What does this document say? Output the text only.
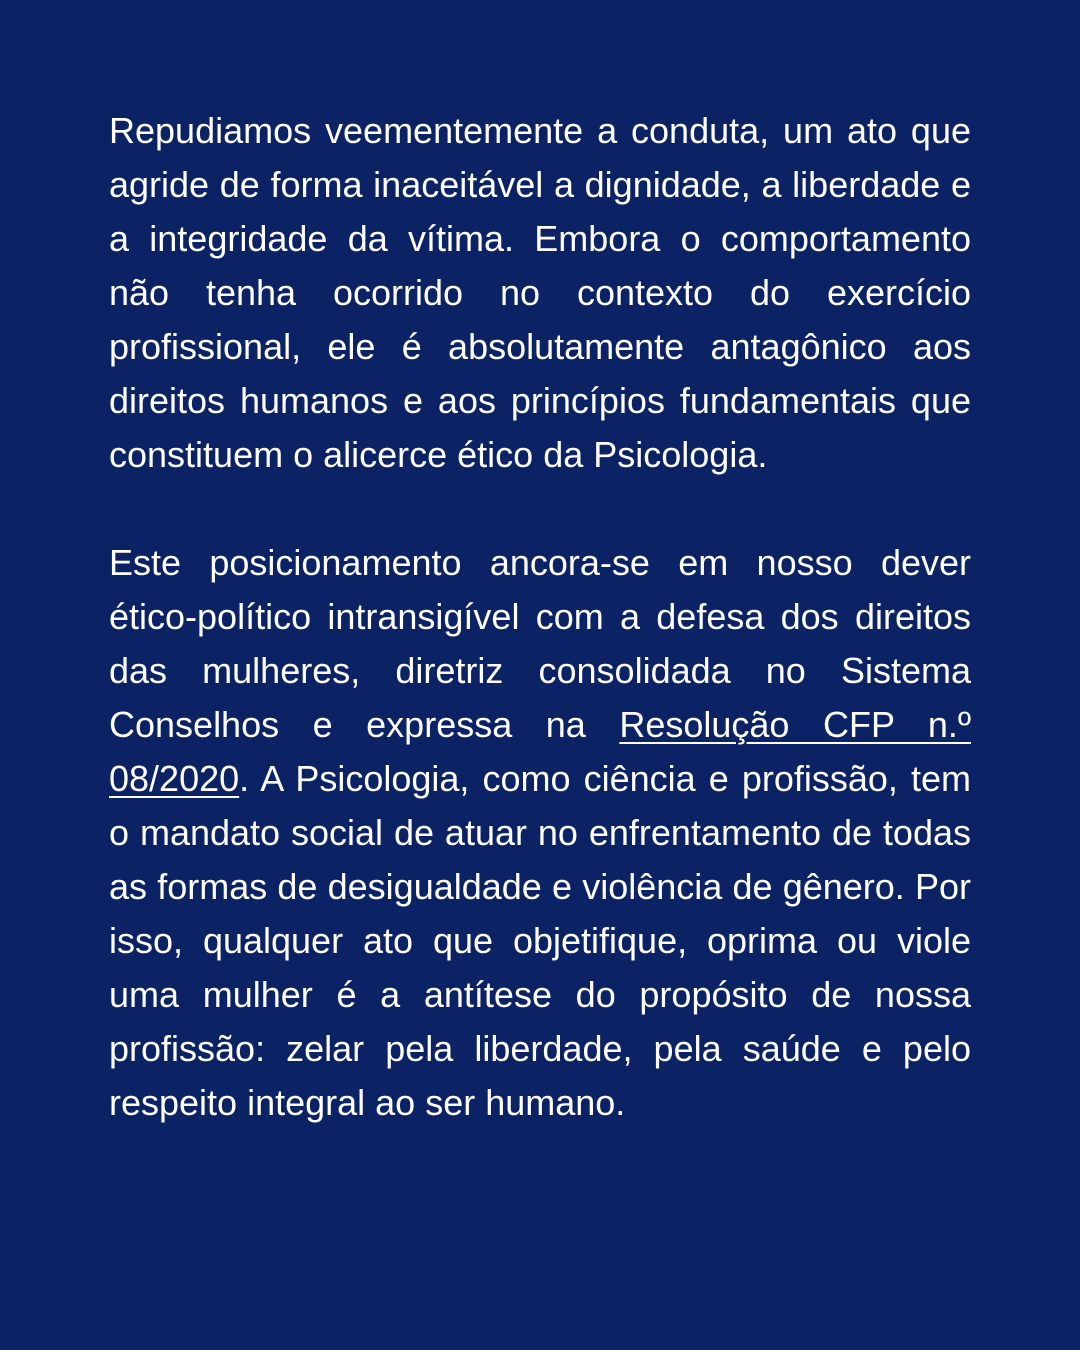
Repudiamos veementemente a conduta, um ato que agride de forma inaceitável a dignidade, a liberdade e a integridade da vítima. Embora o comportamento não tenha ocorrido no contexto do exercício profissional, ele é absolutamente antagônico aos direitos humanos e aos princípios fundamentais que constituem o alicerce ético da Psicologia.

Este posicionamento ancora-se em nosso dever ético-político intransigível com a defesa dos direitos das mulheres, diretriz consolidada no Sistema Conselhos e expressa na Resolução CFP n.º 08/2020. A Psicologia, como ciência e profissão, tem o mandato social de atuar no enfrentamento de todas as formas de desigualdade e violência de gênero. Por isso, qualquer ato que objetifique, oprima ou viole uma mulher é a antítese do propósito de nossa profissão: zelar pela liberdade, pela saúde e pelo respeito integral ao ser humano.
